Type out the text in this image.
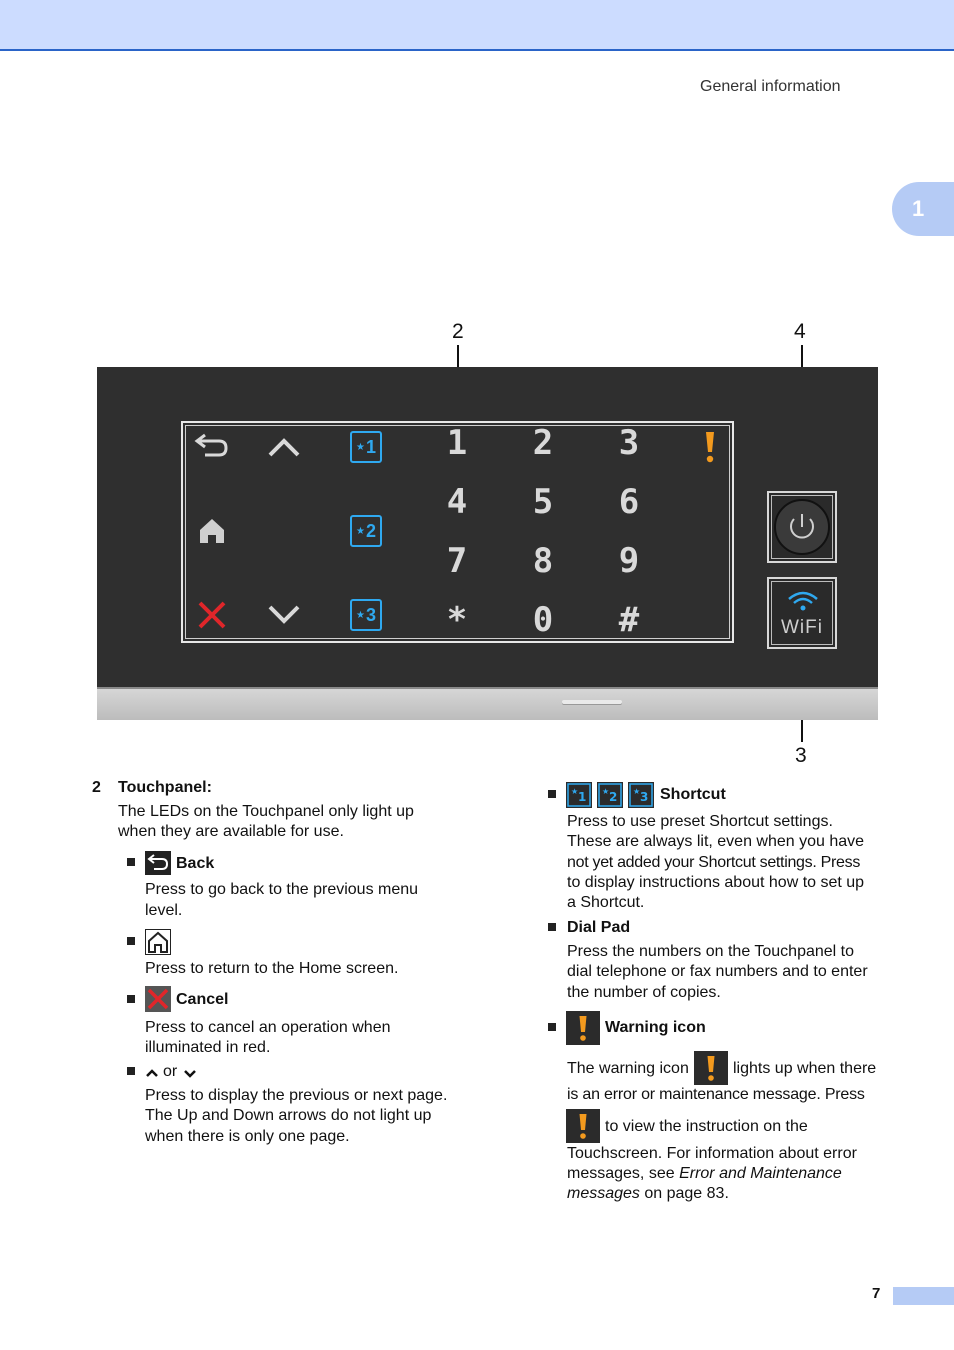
General information
1
2	4
3
★ 1
★ 2
★ 3
1	2	3
4	5	6
7	8	9
*	0	#	WiFi
2 Touchpanel:
The LEDs on the Touchpanel only light up
when they are available for use.
Back
Press to go back to the previous menu
level.
Press to return to the Home screen.
Cancel
Press to cancel an operation when
illuminated in red.
or
Press to display the previous or next page.
The Up and Down arrows do not light up
when there is only one page.
★ 1 ★ 2 ★ 3 Shortcut
Press to use preset Shortcut settings.
These are always lit, even when you have
not yet added your Shortcut settings. Press
to display instructions about how to set up
a Shortcut.
Dial Pad
Press the numbers on the Touchpanel to
dial telephone or fax numbers and to enter
the number of copies.
Warning icon
The warning icon	lights up when there
is an error or maintenance message. Press
to view the instruction on the
Touchscreen. For information about error
messages, see Error and Maintenance
messages on page 83.
7
